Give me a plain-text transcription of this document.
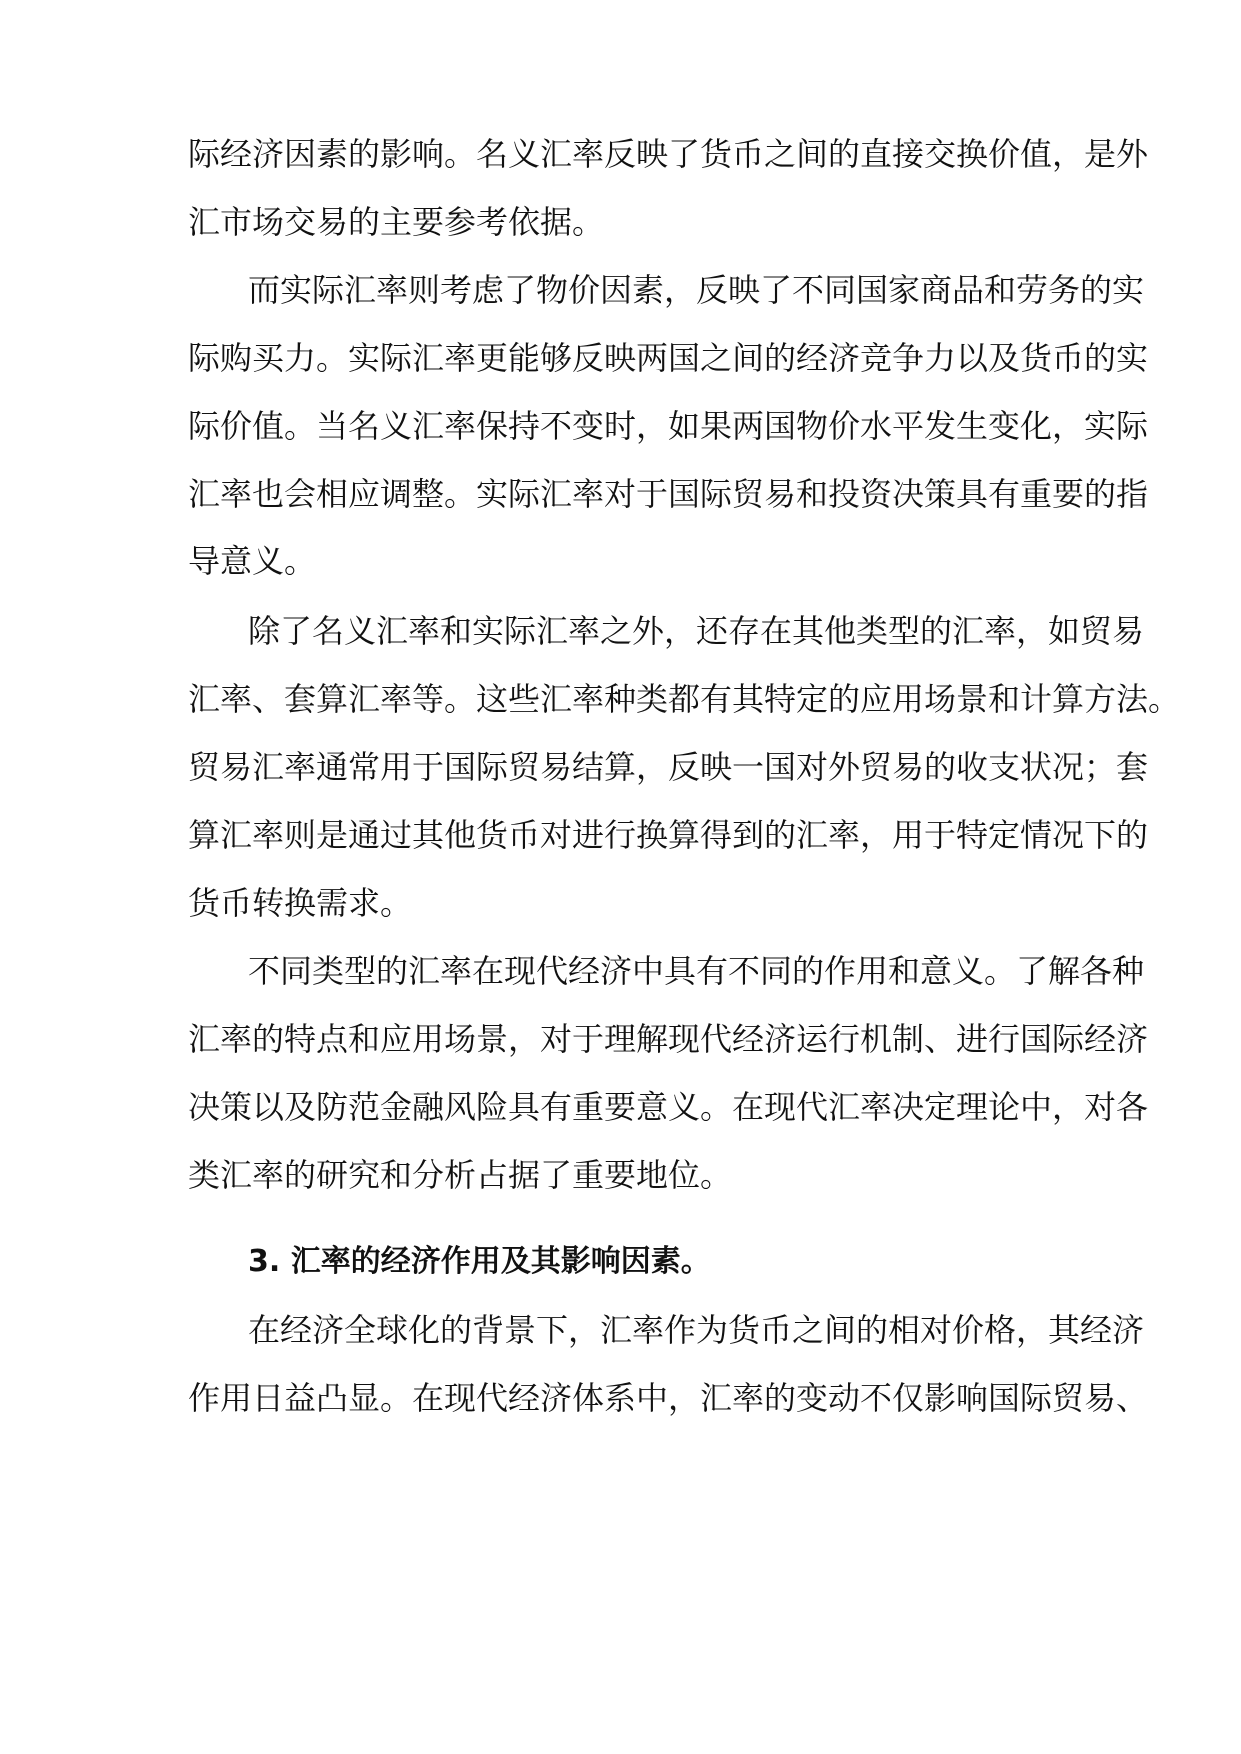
际经济因素的影响。名义汇率反映了货币之间的直接交换价值，是外
汇市场交易的主要参考依据。
而实际汇率则考虑了物价因素，反映了不同国家商品和劳务的实
际购买力。实际汇率更能够反映两国之间的经济竞争力以及货币的实
际价值。当名义汇率保持不变时，如果两国物价水平发生变化，实际
汇率也会相应调整。实际汇率对于国际贸易和投资决策具有重要的指
导意义。
除了名义汇率和实际汇率之外，还存在其他类型的汇率，如贸易
汇率、套算汇率等。这些汇率种类都有其特定的应用场景和计算方法。
贸易汇率通常用于国际贸易结算，反映一国对外贸易的收支状况；套
算汇率则是通过其他货币对进行换算得到的汇率，用于特定情况下的
货币转换需求。
不同类型的汇率在现代经济中具有不同的作用和意义。了解各种
汇率的特点和应用场景，对于理解现代经济运行机制、进行国际经济
决策以及防范金融风险具有重要意义。在现代汇率决定理论中，对各
类汇率的研究和分析占据了重要地位。
3. 汇率的经济作用及其影响因素。
在经济全球化的背景下，汇率作为货币之间的相对价格，其经济
作用日益凸显。在现代经济体系中，汇率的变动不仅影响国际贸易、
